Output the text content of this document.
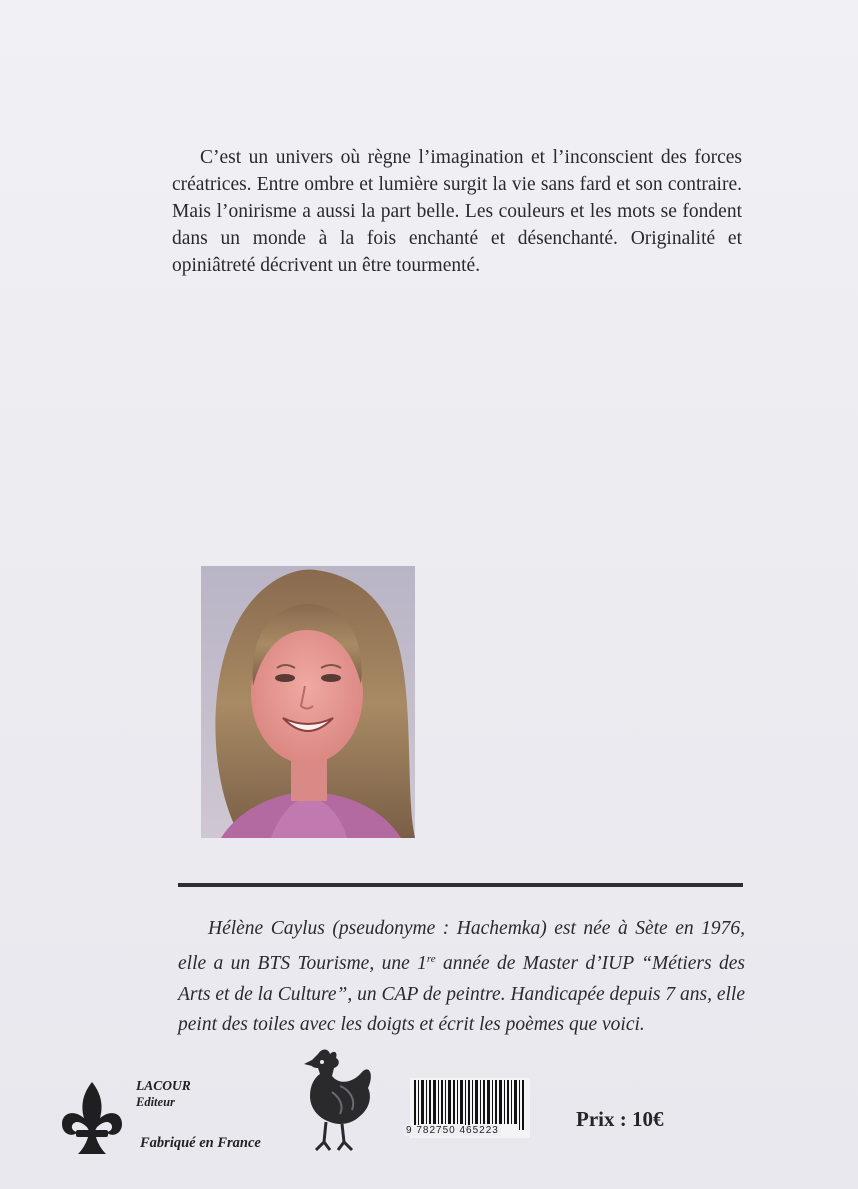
C’est un univers où règne l’imagination et l’inconscient des forces créatrices. Entre ombre et lumière surgit la vie sans fard et son contraire. Mais l’onirisme a aussi la part belle. Les couleurs et les mots se fondent dans un monde à la fois enchanté et désenchanté. Originalité et opiniâtreté décrivent un être tourmenté.

Hélène Caylus (pseudonyme : Hachemka) est née à Sète en 1976, elle a un BTS Tourisme, une 1re année de Master d’IUP “Métiers des Arts et de la Culture”, un CAP de peintre. Handicapée depuis 7 ans, elle peint des toiles avec les doigts et écrit les poèmes que voici.

LACOUR
Editeur
Fabriqué en France
9 782750 465223	Prix : 10€
